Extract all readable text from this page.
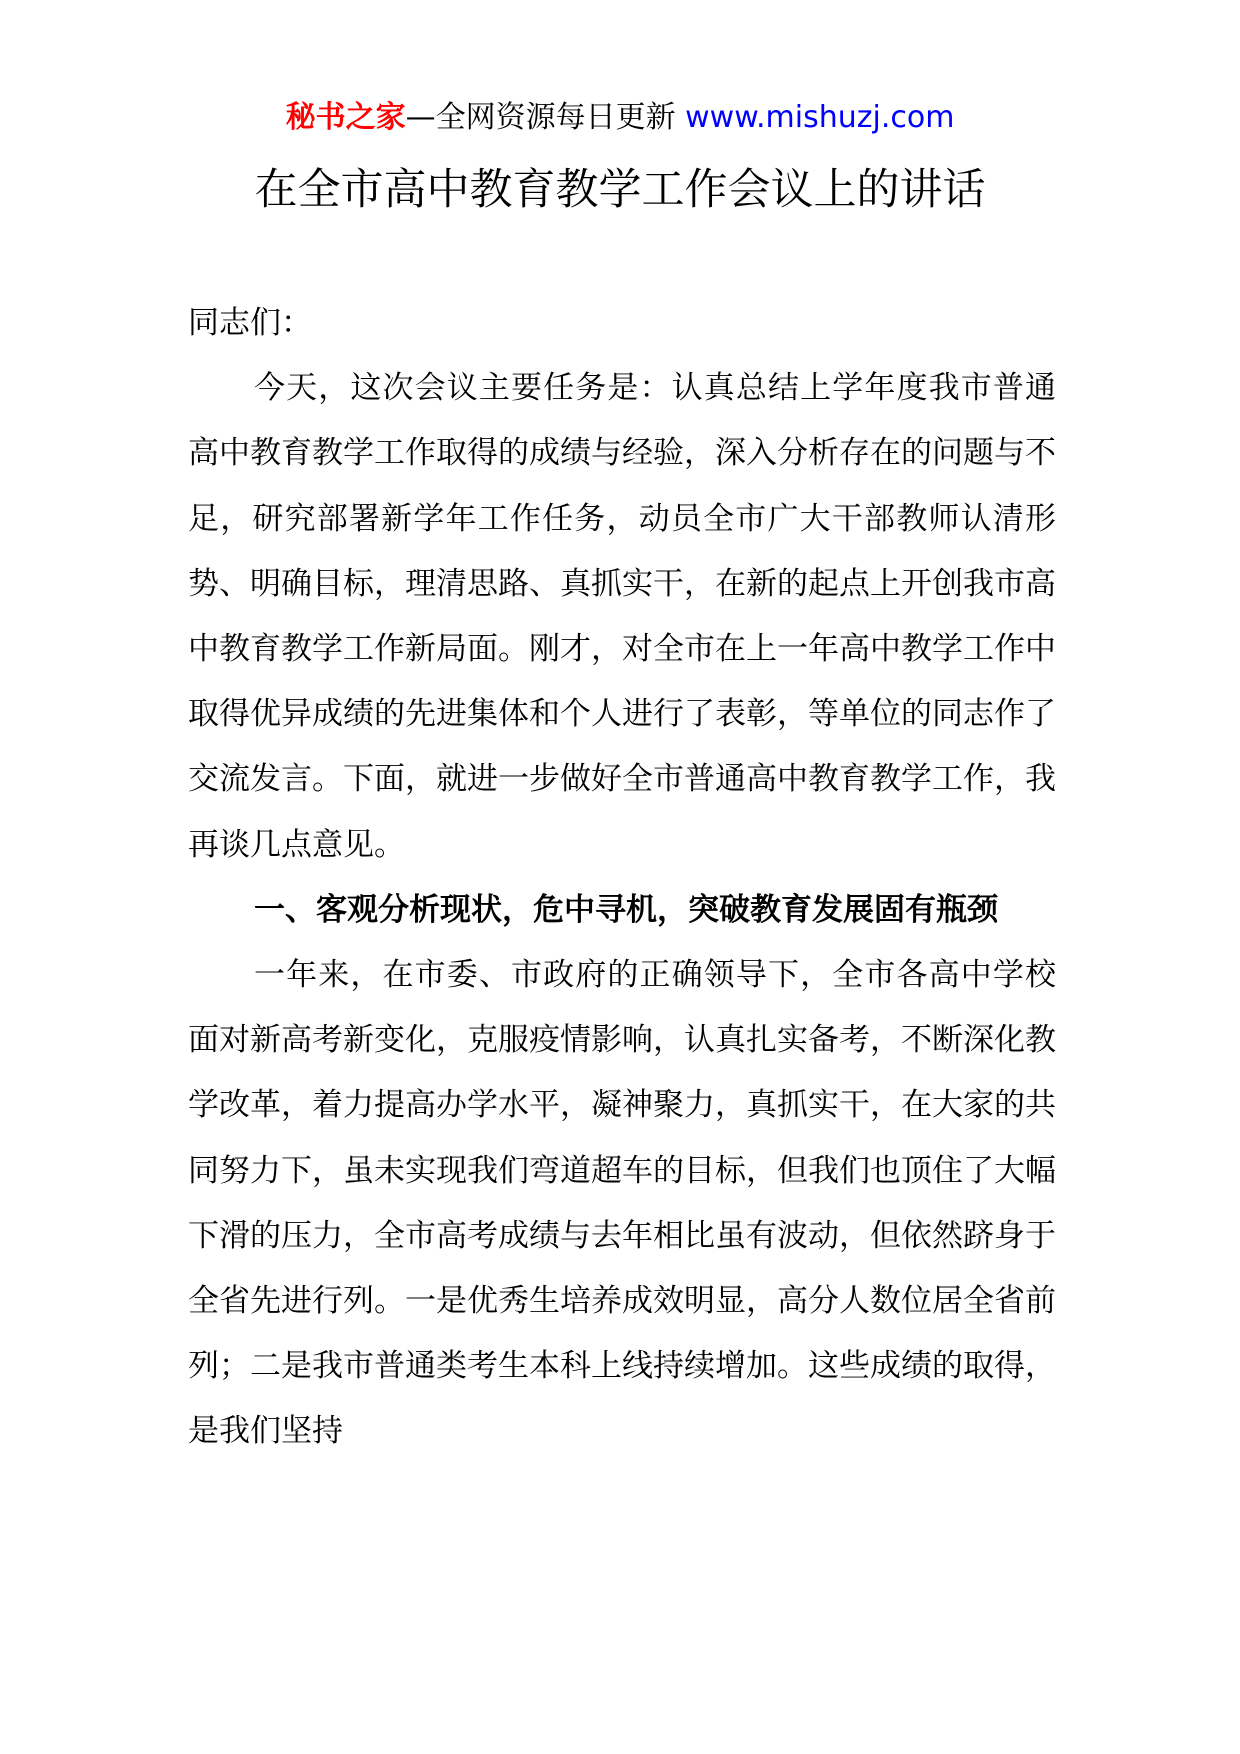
秘书之家—全网资源每日更新 www.mishuzj.com
在全市高中教育教学工作会议上的讲话

同志们：

今天，这次会议主要任务是：认真总结上学年度我市普通高中教育教学工作取得的成绩与经验，深入分析存在的问题与不足，研究部署新学年工作任务，动员全市广大干部教师认清形势、明确目标，理清思路、真抓实干，在新的起点上开创我市高中教育教学工作新局面。刚才，对全市在上一年高中教学工作中取得优异成绩的先进集体和个人进行了表彰，等单位的同志作了交流发言。下面，就进一步做好全市普通高中教育教学工作，我再谈几点意见。

一、客观分析现状，危中寻机，突破教育发展固有瓶颈

一年来，在市委、市政府的正确领导下，全市各高中学校面对新高考新变化，克服疫情影响，认真扎实备考，不断深化教学改革，着力提高办学水平，凝神聚力，真抓实干，在大家的共同努力下，虽未实现我们弯道超车的目标，但我们也顶住了大幅下滑的压力，全市高考成绩与去年相比虽有波动，但依然跻身于全省先进行列。一是优秀生培养成效明显，高分人数位居全省前列；二是我市普通类考生本科上线持续增加。这些成绩的取得，是我们坚持
